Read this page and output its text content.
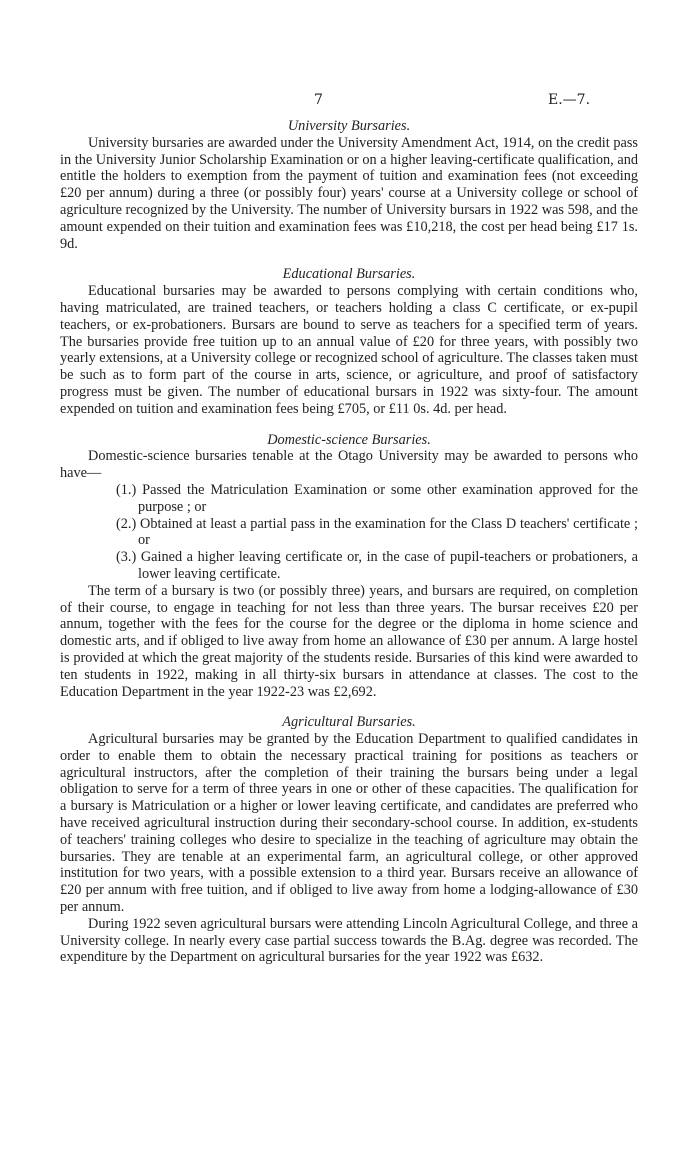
7	E.—7.
University Bursaries.

University bursaries are awarded under the University Amendment Act, 1914, on the credit pass in the University Junior Scholarship Examination or on a higher leaving-certificate qualification, and entitle the holders to exemption from the payment of tuition and examination fees (not exceeding £20 per annum) during a three (or possibly four) years' course at a University college or school of agriculture recognized by the University. The number of University bursars in 1922 was 598, and the amount expended on their tuition and examination fees was £10,218, the cost per head being £17 1s. 9d.

Educational Bursaries.

Educational bursaries may be awarded to persons complying with certain conditions who, having matriculated, are trained teachers, or teachers holding a class C certificate, or ex-pupil teachers, or ex-probationers. Bursars are bound to serve as teachers for a specified term of years. The bursaries provide free tuition up to an annual value of £20 for three years, with possibly two yearly extensions, at a University college or recognized school of agriculture. The classes taken must be such as to form part of the course in arts, science, or agriculture, and proof of satisfactory progress must be given. The number of educational bursars in 1922 was sixty-four. The amount expended on tuition and examination fees being £705, or £11 0s. 4d. per head.

Domestic-science Bursaries.

Domestic-science bursaries tenable at the Otago University may be awarded to persons who have—

(1.) Passed the Matriculation Examination or some other examination approved for the purpose ; or
(2.) Obtained at least a partial pass in the examination for the Class D teachers' certificate ; or
(3.) Gained a higher leaving certificate or, in the case of pupil-teachers or probationers, a lower leaving certificate.

The term of a bursary is two (or possibly three) years, and bursars are required, on completion of their course, to engage in teaching for not less than three years. The bursar receives £20 per annum, together with the fees for the course for the degree or the diploma in home science and domestic arts, and if obliged to live away from home an allowance of £30 per annum. A large hostel is provided at which the great majority of the students reside. Bursaries of this kind were awarded to ten students in 1922, making in all thirty-six bursars in attendance at classes. The cost to the Education Department in the year 1922-23 was £2,692.

Agricultural Bursaries.

Agricultural bursaries may be granted by the Education Department to qualified candidates in order to enable them to obtain the necessary practical training for positions as teachers or agricultural instructors, after the completion of their training the bursars being under a legal obligation to serve for a term of three years in one or other of these capacities. The qualification for a bursary is Matriculation or a higher or lower leaving certificate, and candidates are preferred who have received agricultural instruction during their secondary-school course. In addition, ex-students of teachers' training colleges who desire to specialize in the teaching of agriculture may obtain the bursaries. They are tenable at an experimental farm, an agricultural college, or other approved institution for two years, with a possible extension to a third year. Bursars receive an allowance of £20 per annum with free tuition, and if obliged to live away from home a lodging-allowance of £30 per annum.

During 1922 seven agricultural bursars were attending Lincoln Agricultural College, and three a University college. In nearly every case partial success towards the B.Ag. degree was recorded. The expenditure by the Department on agricultural bursaries for the year 1922 was £632.
